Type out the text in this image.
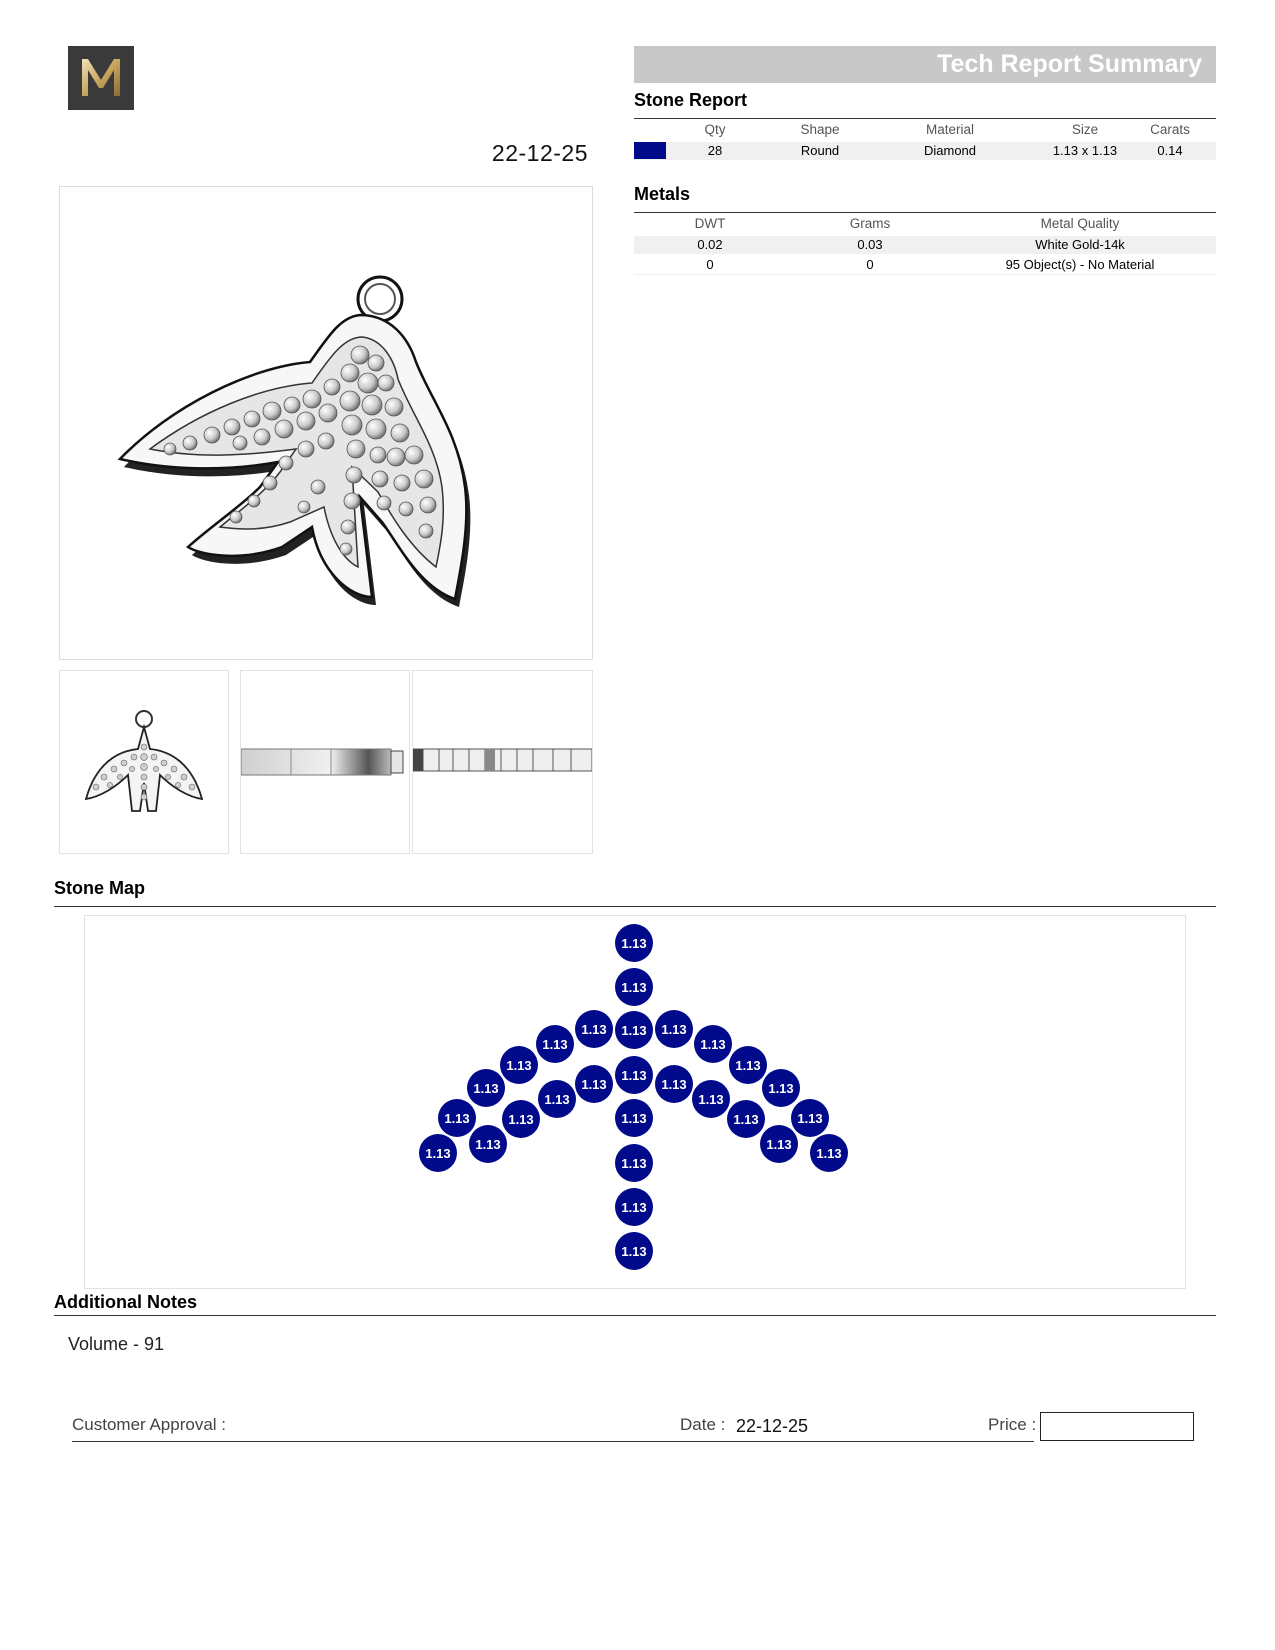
22-12-25
Tech Report Summary
Stone Report
Qty	Shape	Material	Size	Carats
28	Round	Diamond	1.13 x 1.13	0.14
Metals
DWT	Grams	Metal Quality
0.02	0.03	White Gold-14k
0	0	95 Object(s) - No Material
Stone Map
1.13
1.13
1.13
1.13
1.13
1.13
1.13
1.13
1.13
1.13
1.13
1.13
1.13
1.13
1.13
1.13
1.13
1.13
1.13
1.13
1.13
1.13
1.13
1.13
1.13
1.13
1.13
1.13
Additional Notes
Volume - 91
Customer Approval :	Date : 22-12-25	Price :
